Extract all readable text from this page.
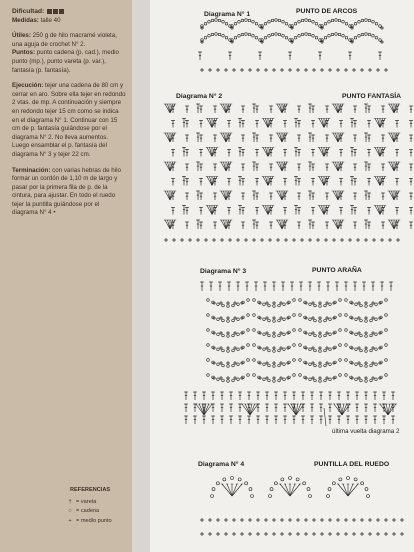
Dificultad:
Medidas: talle 40
Útiles: 250 g de hilo macramé violeta, una aguja de crochet N° 2.
Puntos: punto cadena (p. cad.), medio punto (mp.), punto vareta (p. var.), fantasía (p. fantasía).
Ejecución: tejer una cadena de 80 cm y cerrar en aro. Sobre ella tejer en redondo 2 vtas. de mp. A continuación y siempre en redondo tejer 15 cm como se indica en el diagrama N° 1. Continuar con 15 cm de p. fantasía guiándose por el diagrama N° 2. No lleva aumentos. Luego ensamblar el p. fantasía del diagrama N° 3 y tejer 22 cm.
Terminación: con varias hebras de hilo formar un cordón de 1,10 m de largo y pasar por la primera fila de p. de la cintura, para ajustar. En todo el ruedo tejer la puntilla guiándose por el diagrama N° 4 •
REFERENCIAS
† = vareta
○ = cadena
+ = medio punto
Diagrama N° 1	PUNTO DE ARCOS
Diagrama N° 2	PUNTO FANTASÍA
Diagrama N° 3	PUNTO ARAÑA
última vuelta diagrama 2
Diagrama N° 4	PUNTILLA DEL RUEDO
